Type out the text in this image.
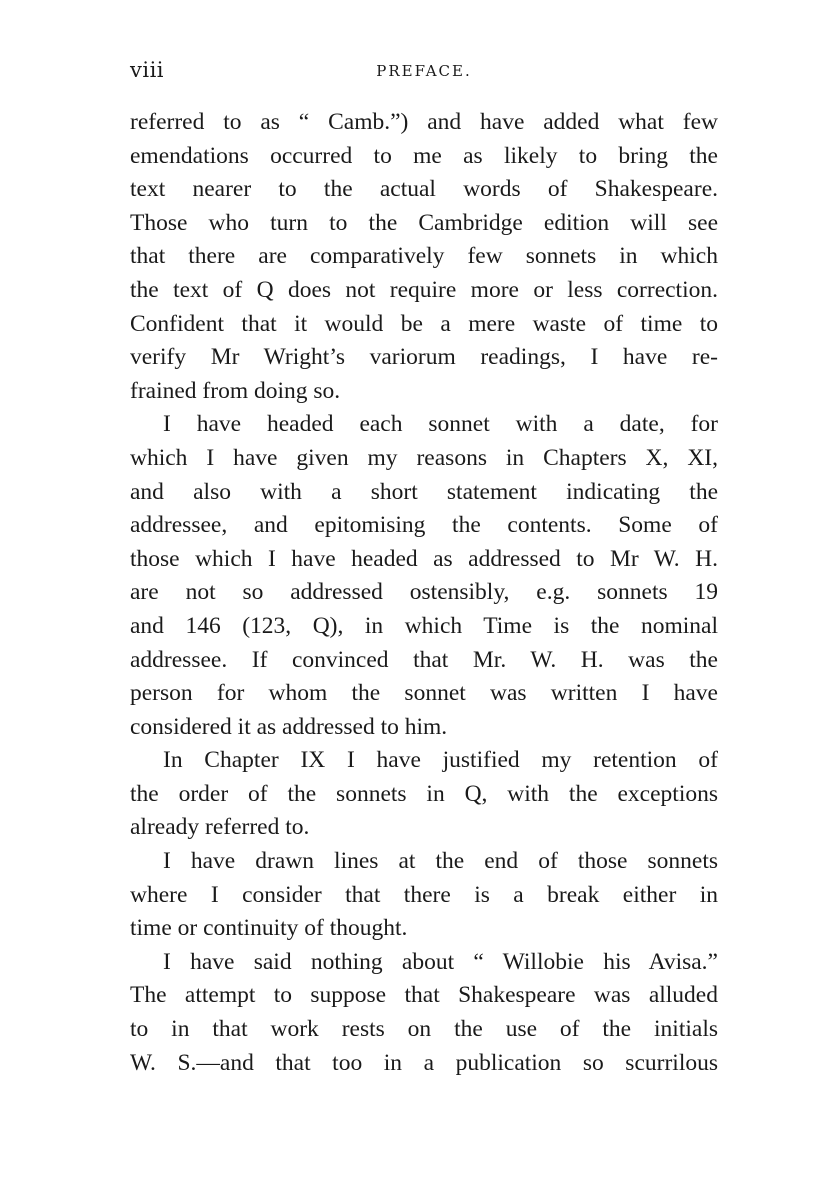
viii	PREFACE.
referred to as “ Camb.”) and have added what few
emendations occurred to me as likely to bring the
text nearer to the actual words of Shakespeare.
Those who turn to the Cambridge edition will see
that there are comparatively few sonnets in which
the text of Q does not require more or less correction.
Confident that it would be a mere waste of time to
verify Mr Wright’s variorum readings, I have re-
frained from doing so.
I have headed each sonnet with a date, for
which I have given my reasons in Chapters X, XI,
and also with a short statement indicating the
addressee, and epitomising the contents. Some of
those which I have headed as addressed to Mr W. H.
are not so addressed ostensibly, e.g. sonnets 19
and 146 (123, Q), in which Time is the nominal
addressee. If convinced that Mr. W. H. was the
person for whom the sonnet was written I have
considered it as addressed to him.
In Chapter IX I have justified my retention of
the order of the sonnets in Q, with the exceptions
already referred to.
I have drawn lines at the end of those sonnets
where I consider that there is a break either in
time or continuity of thought.
I have said nothing about “ Willobie his Avisa.”
The attempt to suppose that Shakespeare was alluded
to in that work rests on the use of the initials
W. S.—and that too in a publication so scurrilous
